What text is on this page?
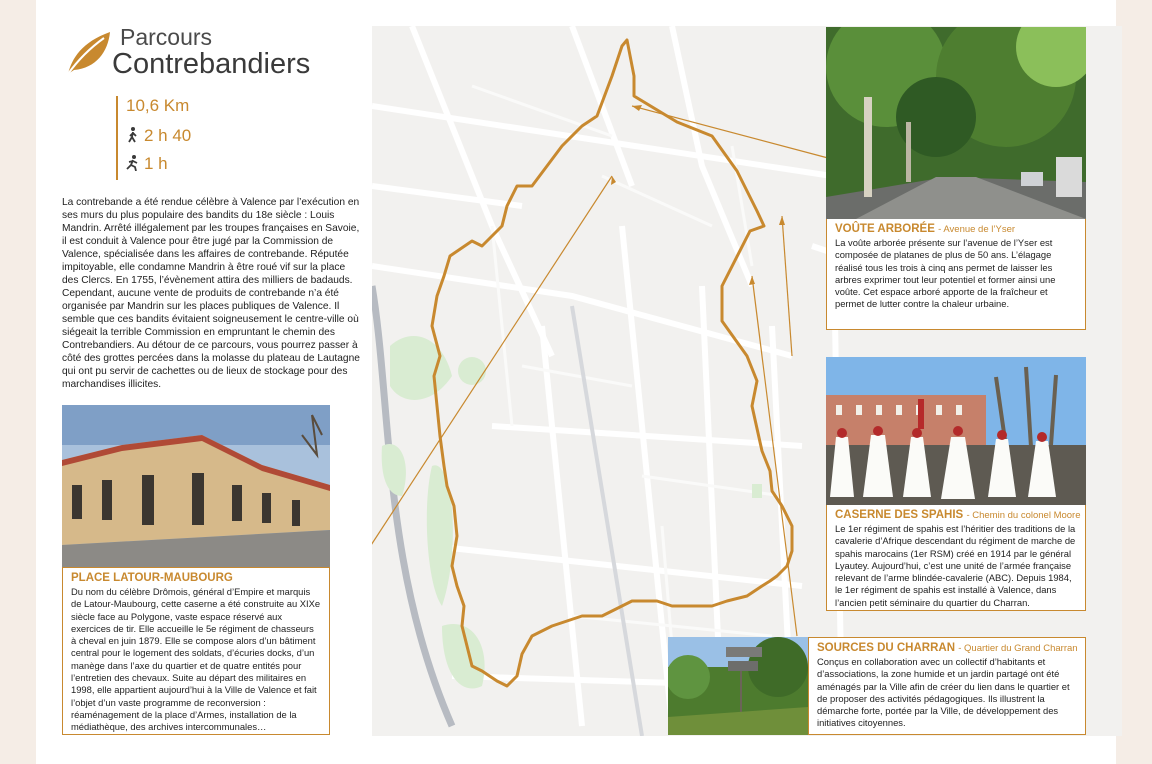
Parcours
Contrebandiers
10,6 Km
2 h 40
1 h
La contrebande a été rendue célèbre à Valence par l’exécution en ses murs du plus populaire des bandits du 18e siècle : Louis Mandrin. Arrêté illégalement par les troupes françaises en Savoie, il est conduit à Valence pour être jugé par la Commission de Valence, spécialisée dans les affaires de contrebande. Réputée impitoyable, elle condamne Mandrin à être roué vif sur la place des Clercs. En 1755, l’évènement attira des milliers de badauds. Cependant, aucune vente de produits de contrebande n’a été organisée par Mandrin sur les places publiques de Valence. Il semble que ces bandits évitaient soigneusement le centre-ville où siégeait la terrible Commission en empruntant le chemin des Contrebandiers. Au détour de ce parcours, vous pourrez passer à côté des grottes percées dans la molasse du plateau de Lautagne qui ont pu servir de cachettes ou de lieux de stockage pour des marchandises illicites.
PLACE LATOUR-MAUBOURG

Du nom du célèbre Drômois, général d’Empire et marquis de Latour-Maubourg, cette caserne a été construite au XIXe siècle face au Polygone, vaste espace réservé aux exercices de tir. Elle accueille le 5e régiment de chasseurs à cheval en juin 1879. Elle se compose alors d’un bâtiment central pour le logement des soldats, d’écuries docks, d’un manège dans l’axe du quartier et de quatre entités pour l’entretien des chevaux. Suite au départ des militaires en 1998, elle appartient aujourd’hui à la Ville de Valence et fait l’objet d’un vaste programme de reconversion : réaménagement de la place d’Armes, installation de la médiathèque, des archives intercommunales…

VOÛTE ARBORÉE - Avenue de l’Yser

La voûte arborée présente sur l’avenue de l’Yser est composée de platanes de plus de 50 ans. L’élagage réalisé tous les trois à cinq ans permet de laisser les arbres exprimer tout leur potentiel et former ainsi une voûte. Cet espace arboré apporte de la fraîcheur et permet de lutter contre la chaleur urbaine.

CASERNE DES SPAHIS - Chemin du colonel Moore

Le 1er régiment de spahis est l’héritier des traditions de la cavalerie d’Afrique descendant du régiment de marche de spahis marocains (1er RSM) créé en 1914 par le général Lyautey. Aujourd’hui, c’est une unité de l’armée française relevant de l’arme blindée-cavalerie (ABC). Depuis 1984, le 1er régiment de spahis est installé à Valence, dans l’ancien petit séminaire du quartier du Charran.

SOURCES DU CHARRAN - Quartier du Grand Charran

Conçus en collaboration avec un collectif d’habitants et d’associations, la zone humide et un jardin partagé ont été aménagés par la Ville afin de créer du lien dans le quartier et de proposer des activités pédagogiques. Ils illustrent la démarche forte, portée par la Ville, de développement des initiatives citoyennes.
